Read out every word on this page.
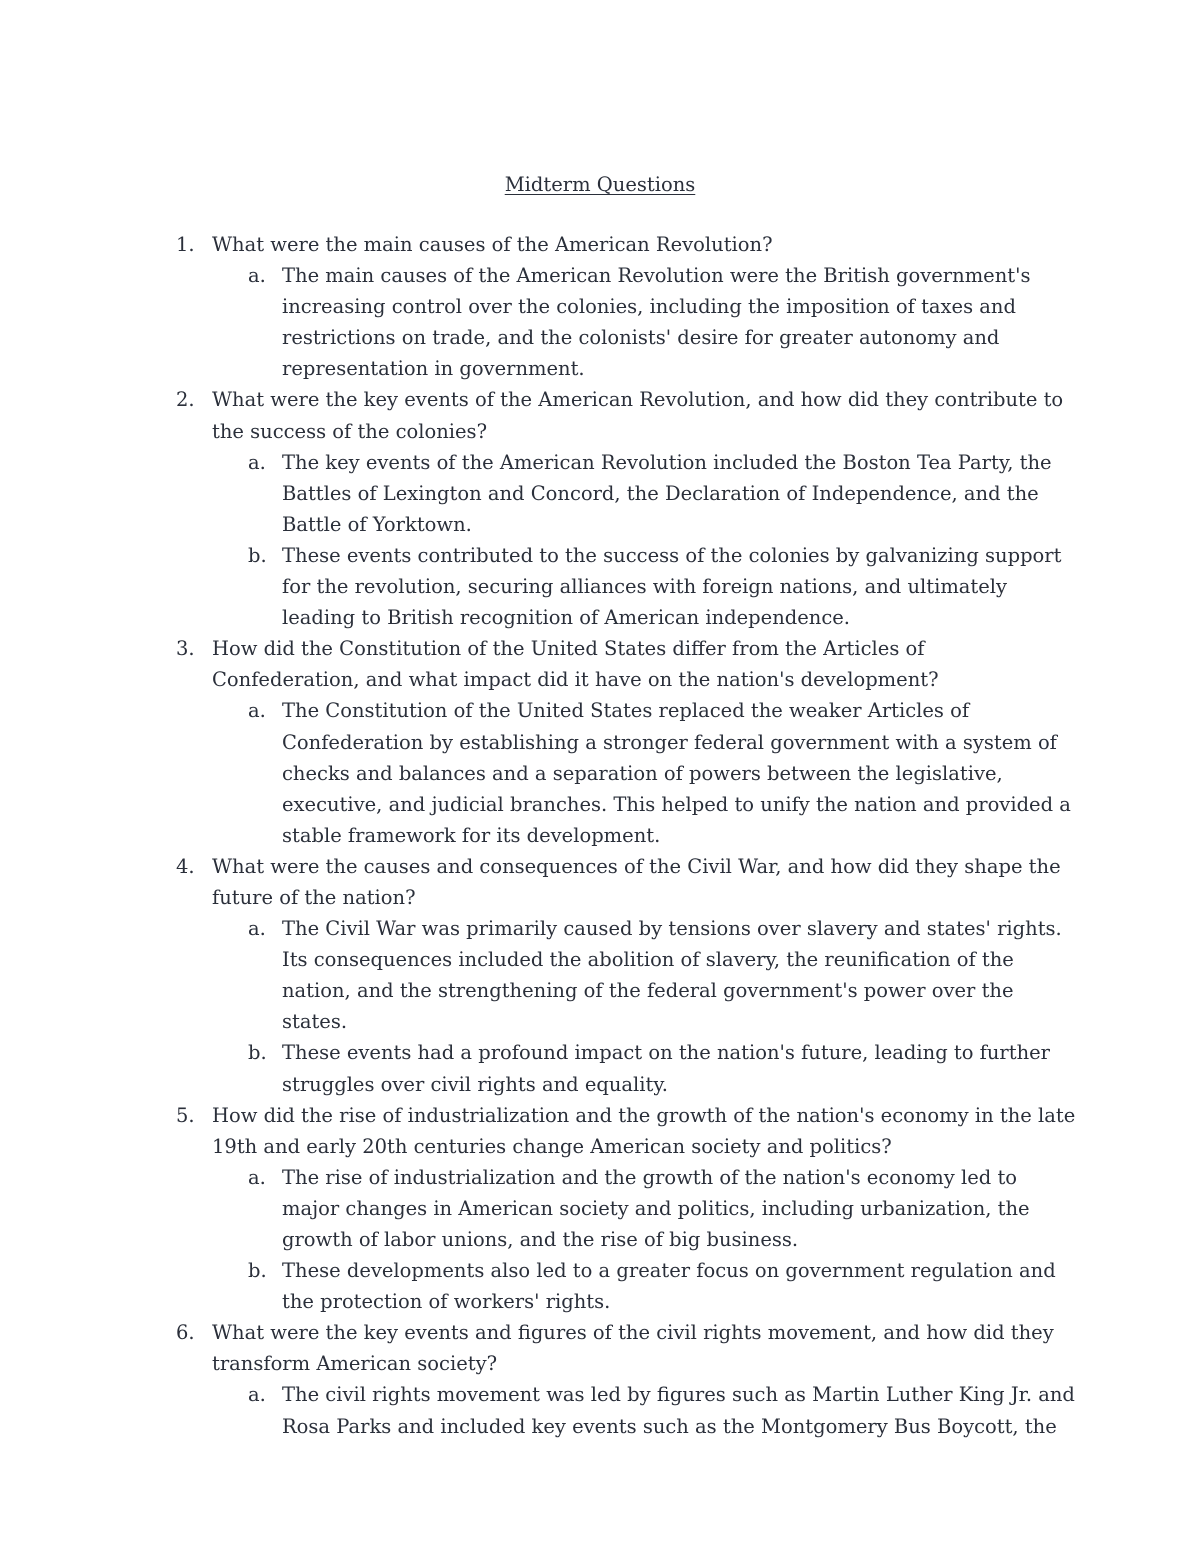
Midterm Questions
1. What were the main causes of the American Revolution?
a. The main causes of the American Revolution were the British government's increasing control over the colonies, including the imposition of taxes and restrictions on trade, and the colonists' desire for greater autonomy and representation in government.
2. What were the key events of the American Revolution, and how did they contribute to the success of the colonies?
a. The key events of the American Revolution included the Boston Tea Party, the Battles of Lexington and Concord, the Declaration of Independence, and the Battle of Yorktown.
b. These events contributed to the success of the colonies by galvanizing support for the revolution, securing alliances with foreign nations, and ultimately leading to British recognition of American independence.
3. How did the Constitution of the United States differ from the Articles of Confederation, and what impact did it have on the nation's development?
a. The Constitution of the United States replaced the weaker Articles of Confederation by establishing a stronger federal government with a system of checks and balances and a separation of powers between the legislative, executive, and judicial branches. This helped to unify the nation and provided a stable framework for its development.
4. What were the causes and consequences of the Civil War, and how did they shape the future of the nation?
a. The Civil War was primarily caused by tensions over slavery and states' rights. Its consequences included the abolition of slavery, the reunification of the nation, and the strengthening of the federal government's power over the states.
b. These events had a profound impact on the nation's future, leading to further struggles over civil rights and equality.
5. How did the rise of industrialization and the growth of the nation's economy in the late 19th and early 20th centuries change American society and politics?
a. The rise of industrialization and the growth of the nation's economy led to major changes in American society and politics, including urbanization, the growth of labor unions, and the rise of big business.
b. These developments also led to a greater focus on government regulation and the protection of workers' rights.
6. What were the key events and figures of the civil rights movement, and how did they transform American society?
a. The civil rights movement was led by figures such as Martin Luther King Jr. and Rosa Parks and included key events such as the Montgomery Bus Boycott, the
